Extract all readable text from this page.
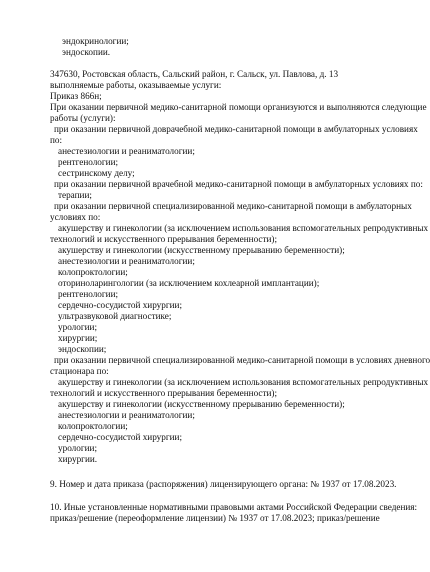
эндокринологии;
эндоскопии.
347630, Ростовская область, Сальский район, г. Сальск, ул. Павлова, д. 13
выполняемые работы, оказываемые услуги:
Приказ 866н;
При оказании первичной медико-санитарной помощи организуются и выполняются следующие
работы (услуги):
при оказании первичной доврачебной медико-санитарной помощи в амбулаторных условиях
по:
анестезиологии и реаниматологии;
рентгенологии;
сестринскому делу;
при оказании первичной врачебной медико-санитарной помощи в амбулаторных условиях по:
терапии;
при оказании первичной специализированной медико-санитарной помощи в амбулаторных
условиях по:
акушерству и гинекологии (за исключением использования вспомогательных репродуктивных
технологий и искусственного прерывания беременности);
акушерству и гинекологии (искусственному прерыванию беременности);
анестезиологии и реаниматологии;
колопроктологии;
оториноларингологии (за исключением кохлеарной имплантации);
рентгенологии;
сердечно-сосудистой хирургии;
ультразвуковой диагностике;
урологии;
хирургии;
эндоскопии;
при оказании первичной специализированной медико-санитарной помощи в условиях дневного
стационара по:
акушерству и гинекологии (за исключением использования вспомогательных репродуктивных
технологий и искусственного прерывания беременности);
акушерству и гинекологии (искусственному прерыванию беременности);
анестезиологии и реаниматологии;
колопроктологии;
сердечно-сосудистой хирургии;
урологии;
хирургии.
9. Номер и дата приказа (распоряжения) лицензирующего органа: № 1937 от 17.08.2023.
10. Иные установленные нормативными правовыми актами Российской Федерации сведения:
приказ/решение (переоформление лицензии) № 1937 от 17.08.2023; приказ/решение
